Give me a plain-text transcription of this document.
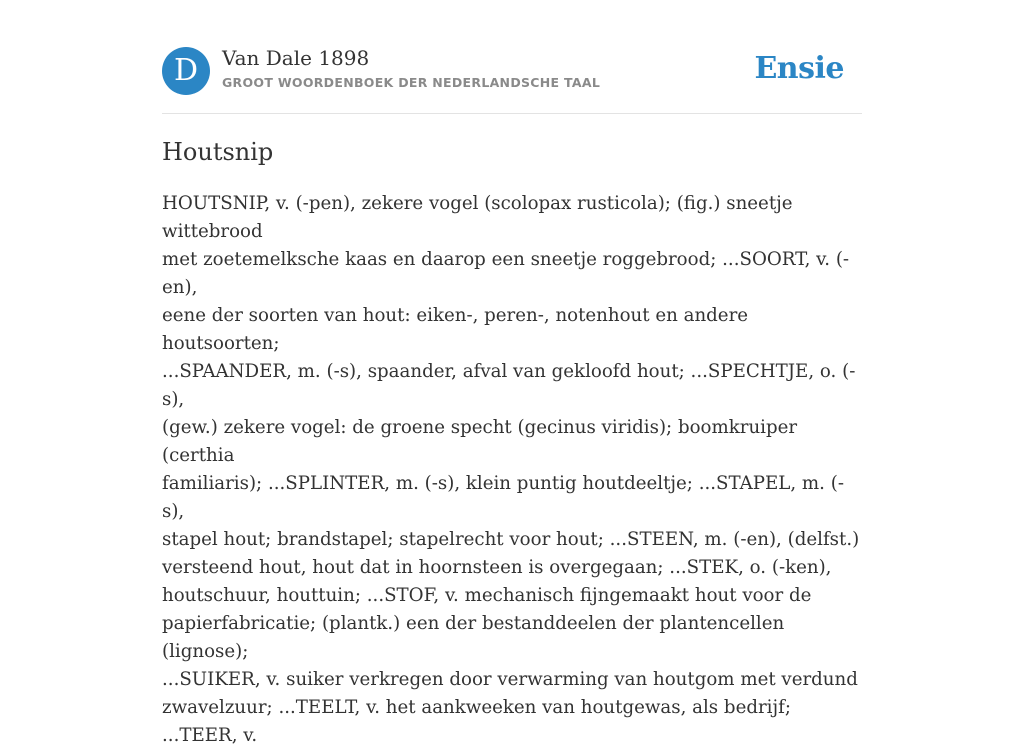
D	Van Dale 1898
GROOT WOORDENBOEK DER NEDERLANDSCHE TAAL	Ensie
Houtsnip
HOUTSNIP, v. (-pen), zekere vogel (scolopax rusticola); (fig.) sneetje wittebrood
met zoetemelksche kaas en daarop een sneetje roggebrood; ...SOORT, v. (-en),
eene der soorten van hout: eiken-, peren-, notenhout en andere houtsoorten;
...SPAANDER, m. (-s), spaander, afval van gekloofd hout; ...SPECHTJE, o. (-s),
(gew.) zekere vogel: de groene specht (gecinus viridis); boomkruiper (certhia
familiaris); ...SPLINTER, m. (-s), klein puntig houtdeeltje; ...STAPEL, m. (-s),
stapel hout; brandstapel; stapelrecht voor hout; ...STEEN, m. (-en), (delfst.)
versteend hout, hout dat in hoornsteen is overgegaan; ...STEK, o. (-ken),
houtschuur, houttuin; ...STOF, v. mechanisch fijngemaakt hout voor de
papierfabricatie; (plantk.) een der bestanddeelen der plantencellen (lignose);
...SUIKER, v. suiker verkregen door verwarming van houtgom met verdund
zwavelzuur; ...TEELT, v. het aankweeken van houtgewas, als bedrijf; ...TEER, v.
